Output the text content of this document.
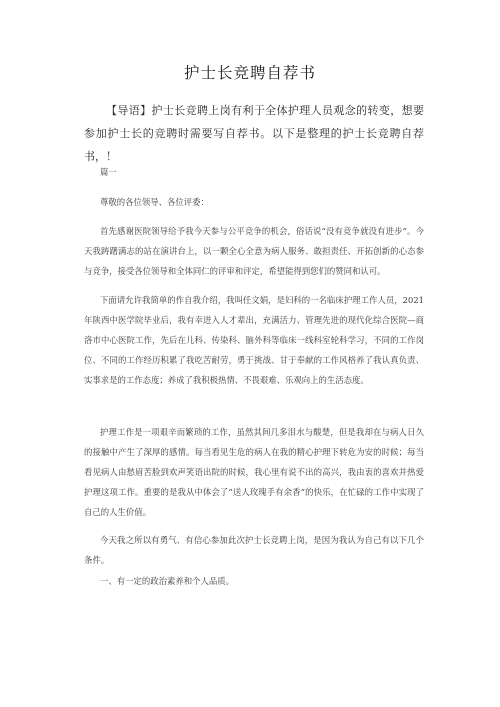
护士长竞聘自荐书
【导语】护士长竞聘上岗有利于全体护理人员观念的转变，想要参加护士长的竞聘时需要写自荐书。以下是整理的护士长竞聘自荐书，！
篇一
尊敬的各位领导、各位评委：
首先感谢医院领导给予我今天参与公平竞争的机会，俗话说“没有竞争就没有进步”。今天我踌躇满志的站在演讲台上，以一颗全心全意为病人服务、敢担责任、开拓创新的心态参与竞争，接受各位领导和全体同仁的评审和评定，希望能得到您们的赞同和认可。
下面请允许我简单的作自我介绍，我叫任文娟，是妇科的一名临床护理工作人员，2021年陕西中医学院毕业后，我有幸进入人才辈出，充满活力、管理先进的现代化综合医院—商洛市中心医院工作，先后在儿科、传染科、脑外科等临床一线科室轮科学习，不同的工作岗位、不同的工作经历积累了我吃苦耐劳，勇于挑战、甘于奉献的工作风格养了我认真负责、实事求是的工作态度；养成了我积极热情、不畏艰难、乐观向上的生活态度。
护理工作是一项艰辛而繁琐的工作，虽然其间几多泪水与酸楚，但是我却在与病人日久的接触中产生了深厚的感情。每当看见生危的病人在我的精心护理下转危为安的时候；每当看见病人由愁眉苦脸到欢声笑语出院的时候，我心里有说不出的高兴，我由衷的喜欢并热爱护理这项工作。重要的是我从中体会了“送人玫瑰手有余香”的快乐，在忙碌的工作中实现了自己的人生价值。
今天我之所以有勇气、有信心参加此次护士长竞聘上岗，是因为我认为自己有以下几个条件。
一、有一定的政治素养和个人品质。
